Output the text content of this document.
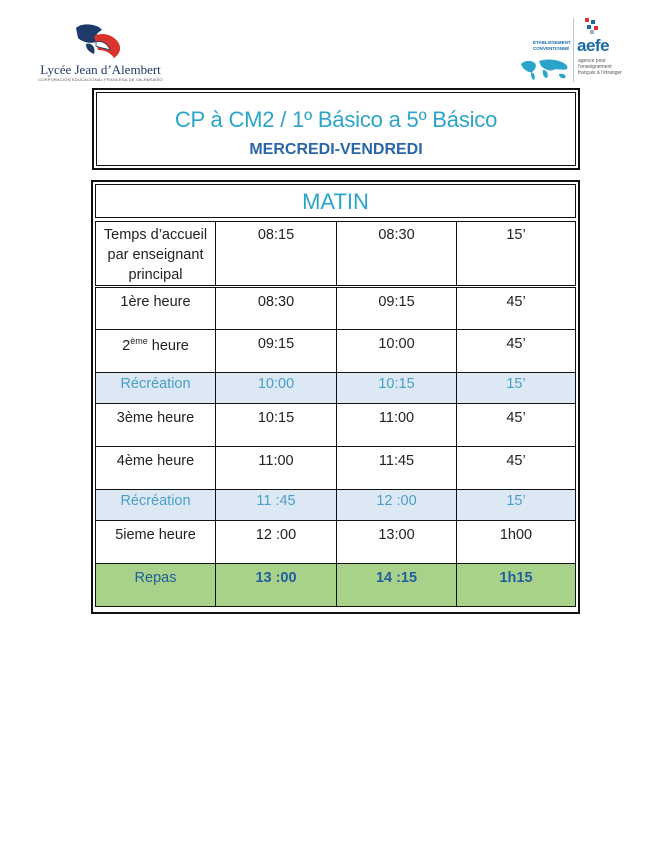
Lycée Jean d’Alembert
CORPORACIÓN EDUCACIONAL FRANCESA DE VALPARAÍSO
ÉTABLISSEMENT CONVENTIONNÉ aefe
agence pour l’enseignement français à l’étranger
CP à CM2 / 1º Básico a 5º Básico
MERCREDI-VENDREDI
MATIN
Temps d’accueil par enseignant principal	08:15	08:30	15’
1ère heure	08:30	09:15	45’
2ème heure	09:15	10:00	45’
Récréation	10:00	10:15	15’
3ème heure	10:15	11:00	45’
4ème heure	11:00	11:45	45’
Récréation	11 :45	12 :00	15’
5ieme heure	12 :00	13:00	1h00
Repas	13 :00	14 :15	1h15
